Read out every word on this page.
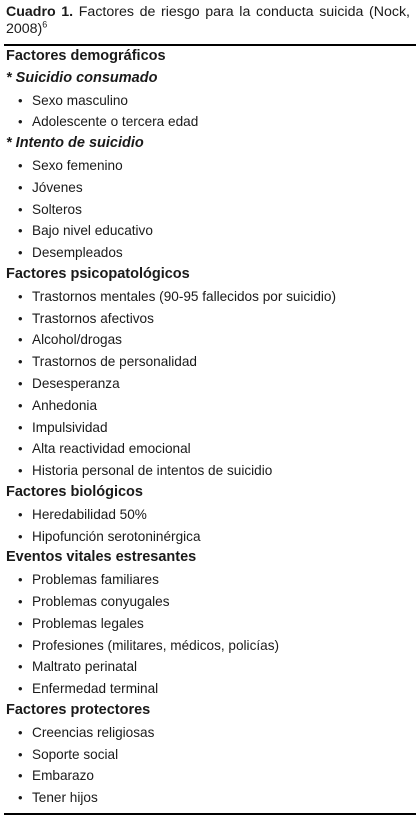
Cuadro 1. Factores de riesgo para la conducta suicida (Nock, 2008)$^6$
Factores demográficos
* Suicidio consumado
• Sexo masculino
• Adolescente o tercera edad
* Intento de suicidio
• Sexo femenino
• Jóvenes
• Solteros
• Bajo nivel educativo
• Desempleados
Factores psicopatológicos
• Trastornos mentales (90-95 fallecidos por suicidio)
• Trastornos afectivos
• Alcohol/drogas
• Trastornos de personalidad
• Desesperanza
• Anhedonia
• Impulsividad
• Alta reactividad emocional
• Historia personal de intentos de suicidio
Factores biológicos
• Heredabilidad 50%
• Hipofunción serotoninérgica
Eventos vitales estresantes
• Problemas familiares
• Problemas conyugales
• Problemas legales
• Profesiones (militares, médicos, policías)
• Maltrato perinatal
• Enfermedad terminal
Factores protectores
• Creencias religiosas
• Soporte social
• Embarazo
• Tener hijos
